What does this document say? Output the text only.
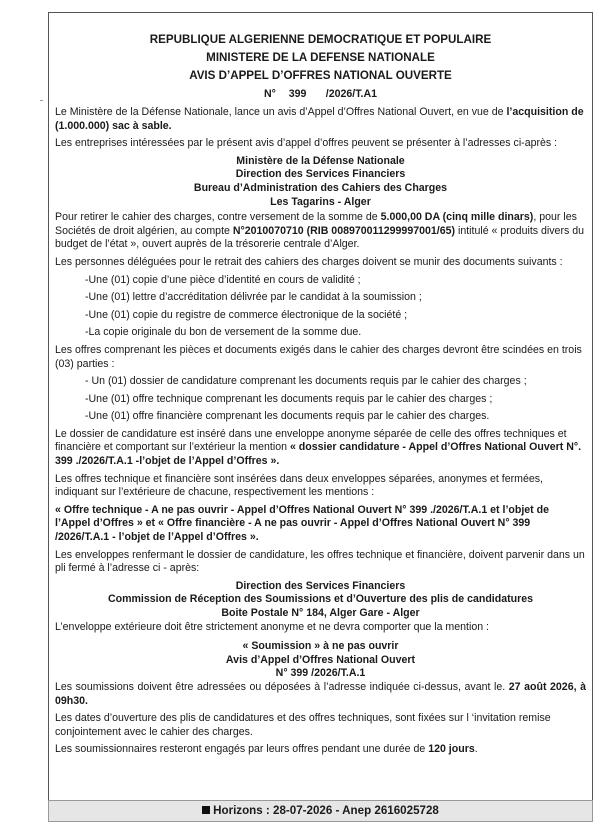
REPUBLIQUE ALGERIENNE DEMOCRATIQUE ET POPULAIRE
MINISTERE DE LA DEFENSE NATIONALE
AVIS D’APPEL D’OFFRES NATIONAL OUVERTE
N° 399 /2026/T.A1

Le Ministère de la Défense Nationale, lance un avis d’Appel d’Offres National Ouvert, en vue de l’acquisition de (1.000.000) sac à sable.

Les entreprises intéressées par le présent avis d’appel d’offres peuvent se présenter à l’adresses ci-après :

Ministère de la Défense Nationale
Direction des Services Financiers
Bureau d’Administration des Cahiers des Charges
Les Tagarins - Alger

Pour retirer le cahier des charges, contre versement de la somme de 5.000,00 DA (cinq mille dinars), pour les Sociétés de droit algérien, au compte N°2010070710 (RIB 008970011299997001/65) intitulé « produits divers du budget de l’état », ouvert auprès de la trésorerie centrale d’Alger.

Les personnes déléguées pour le retrait des cahiers des charges doivent se munir des documents suivants :

-Une (01) copie d’une pièce d’identité en cours de validité ;

-Une (01) lettre d’accréditation délivrée par le candidat à la soumission ;

-Une (01) copie du registre de commerce électronique de la société ;

-La copie originale du bon de versement de la somme due.

Les offres comprenant les pièces et documents exigés dans le cahier des charges devront être scindées en trois (03) parties :

- Un (01) dossier de candidature comprenant les documents requis par le cahier des charges ;

-Une (01) offre technique comprenant les documents requis par le cahier des charges ;

-Une (01) offre financière comprenant les documents requis par le cahier des charges.

Le dossier de candidature est inséré dans une enveloppe anonyme séparée de celle des offres techniques et financière et comportant sur l’extérieur la mention « dossier candidature - Appel d’Offres National Ouvert N°. 399 ./2026/T.A.1 -l’objet de l’Appel d’Offres ».

Les offres technique et financière sont insérées dans deux enveloppes séparées, anonymes et fermées, indiquant sur l’extérieure de chacune, respectivement les mentions :

« Offre technique - A ne pas ouvrir - Appel d’Offres National Ouvert N° 399 ./2026/T.A.1 et l’objet de l’Appel d’Offres » et « Offre financière - A ne pas ouvrir - Appel d’Offres National Ouvert N° 399 /2026/T.A.1 - l’objet de l’Appel d’Offres ».

Les enveloppes renfermant le dossier de candidature, les offres technique et financière, doivent parvenir dans un pli fermé à l’adresse ci - après:

Direction des Services Financiers
Commission de Réception des Soumissions et d’Ouverture des plis de candidatures
Boite Postale N° 184, Alger Gare - Alger

L’enveloppe extérieure doit être strictement anonyme et ne devra comporter que la mention :

« Soumission » à ne pas ouvrir
Avis d’Appel d’Offres National Ouvert
N° 399 /2026/T.A.1

Les soumissions doivent être adressées ou déposées à l’adresse indiquée ci-dessus, avant le. 27 août 2026, à 09h30.

Les dates d’ouverture des plis de candidatures et des offres techniques, sont fixées sur l ‘invitation remise conjointement avec le cahier des charges.

Les soumissionnaires resteront engagés par leurs offres pendant une durée de 120 jours.

Horizons : 28-07-2026 - Anep 2616025728
